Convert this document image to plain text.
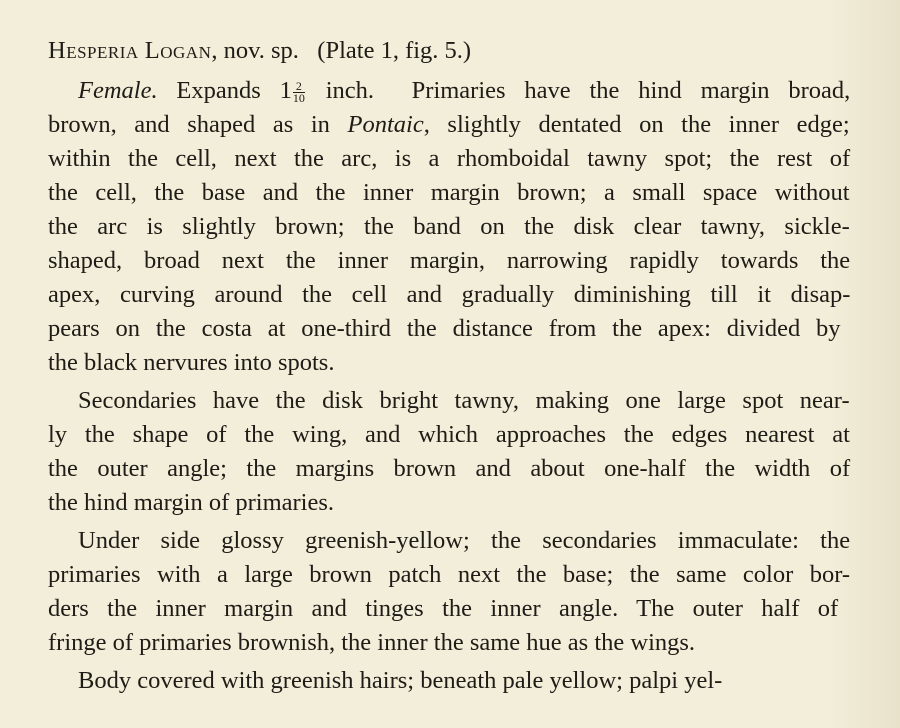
Hesperia Logan, nov. sp.   (Plate 1, fig. 5.)
Female. Expands $1 \frac{2}{10}$ inch.  Primaries have the hind margin broad,
brown, and shaped as in Pontaic, slightly dentated on the inner edge;
within the cell, next the arc, is a rhomboidal tawny spot; the rest of
the cell, the base and the inner margin brown; a small space without
the arc is slightly brown; the band on the disk clear tawny, sickle-
shaped, broad next the inner margin, narrowing rapidly towards the
apex, curving around the cell and gradually diminishing till it disap-
pears on the costa at one-third the distance from the apex: divided by
the black nervures into spots.
Secondaries have the disk bright tawny, making one large spot near-
ly the shape of the wing, and which approaches the edges nearest at
the outer angle; the margins brown and about one-half the width of
the hind margin of primaries.
Under side glossy greenish-yellow; the secondaries immaculate: the
primaries with a large brown patch next the base; the same color bor-
ders the inner margin and tinges the inner angle. The outer half of
fringe of primaries brownish, the inner the same hue as the wings.
Body covered with greenish hairs; beneath pale yellow; palpi yel-
